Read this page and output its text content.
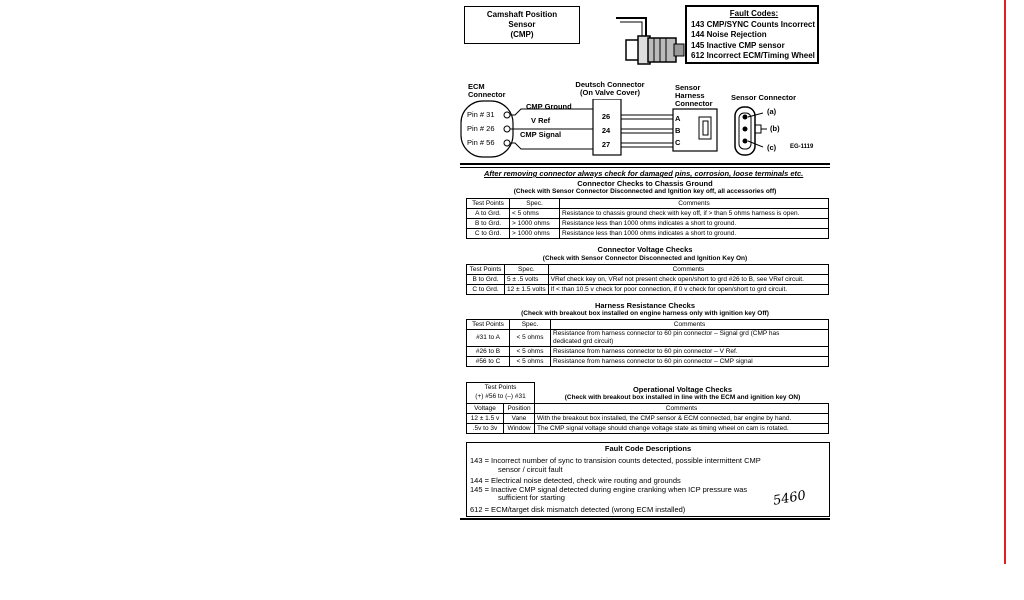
Camshaft Position
Sensor
(CMP)
Fault Codes:
143 CMP/SYNC Counts Incorrect
144 Noise Rejection
145 Inactive CMP sensor
612 Incorrect ECM/Timing Wheel
ECM
Connector
Deutsch Connector
(On Valve Cover)
Sensor
Harness
Connector
Sensor Connector
Pin # 31
Pin # 26
Pin # 56
CMP Ground
V Ref
CMP Signal
26
24
27
A
B
C
(a)
(b)
(c) EG-1119
After removing connector always check for damaged pins, corrosion, loose terminals etc.
Connector Checks to Chassis Ground
(Check with Sensor Connector Disconnected and Ignition key off, all accessories off)
Test Points	Spec.	Comments
A to Grd.	< 5 ohms	Resistance to chassis ground check with key off, if > than 5 ohms harness is open.
B to Grd.	> 1000 ohms	Resistance less than 1000 ohms indicates a short to ground.
C to Grd.	> 1000 ohms	Resistance less than 1000 ohms indicates a short to ground.
Connector Voltage Checks
(Check with Sensor Connector Disconnected and Ignition Key On)
Test Points	Spec.	Comments
B to Grd.	5 ± .5 volts	VRef check key on, VRef not present check open/short to grd #26 to B, see VRef circuit.
C to Grd.	12 ± 1.5 volts	If < than 10.5 v check for poor connection, if 0 v check for open/short to grd circuit.
Harness Resistance Checks
(Check with breakout box installed on engine harness only with ignition key Off)
Test Points	Spec.	Comments
#31 to A	< 5 ohms	Resistance from harness connector to 60 pin connector – Signal grd (CMP has
dedicated grd circuit)

#26 to B	< 5 ohms	Resistance from harness connector to 60 pin connector – V Ref.
#56 to C	< 5 ohms	Resistance from harness connector to 60 pin connector – CMP signal
Test Points
(+) #56 to (–) #31
Operational Voltage Checks
(Check with breakout box installed in line with the ECM and ignition key ON)
Voltage	Position	Comments
12 ± 1.5 v	Vane	With the breakout box installed, the CMP sensor & ECM connected, bar engine by hand.
.5v to 3v	Window	The CMP signal voltage should change voltage state as timing wheel on cam is rotated.
Fault Code Descriptions
143 = Incorrect number of sync to transision counts detected, possible intermittent CMP
sensor / circuit fault
144 = Electrical noise detected, check wire routing and grounds
145 = Inactive CMP signal detected during engine cranking when ICP pressure was
sufficient for starting
612 = ECM/target disk mismatch detected (wrong ECM installed)
5460
